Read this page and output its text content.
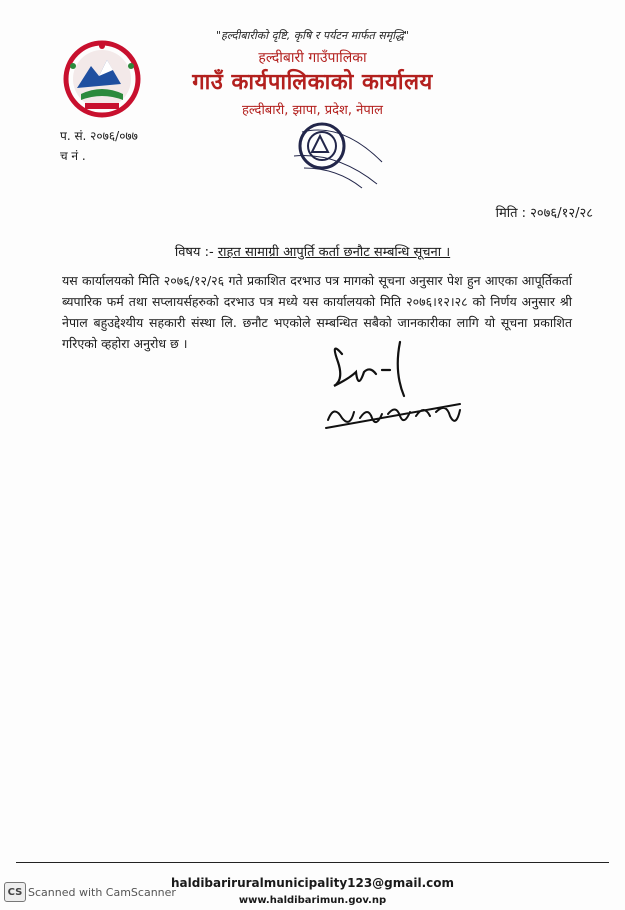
"हल्दीबारीको दृष्टि, कृषि र पर्यटन मार्फत समृद्धि"
हल्दीबारी गाउँपालिका
गाउँ कार्यपालिकाको कार्यालय
हल्दीबारी, झापा, प्रदेश, नेपाल
प. सं. २०७६/०७७
च नं .
मिति : २०७६/१२/२८
विषय :- राहत सामाग्री आपुर्ति कर्ता छनौट सम्बन्धि सूचना ।
यस कार्यालयको मिति २०७६/१२/२६ गते प्रकाशित दरभाउ पत्र मागको सूचना अनुसार पेश हुन आएका आपूर्तिकर्ता ब्यपारिक फर्म तथा सप्लायर्सहरुको दरभाउ पत्र मध्ये यस कार्यालयको मिति २०७६।१२।२८ को निर्णय अनुसार श्री नेपाल बहुउद्देश्यीय सहकारी संस्था लि. छनौट भएकोले सम्बन्धित सबैको जानकारीका लागि यो सूचना प्रकाशित गरिएको व्हहोरा अनुरोध छ ।
haldibariruralmunicipality123@gmail.com
www.haldibarimun.gov.np
CS Scanned with CamScanner
